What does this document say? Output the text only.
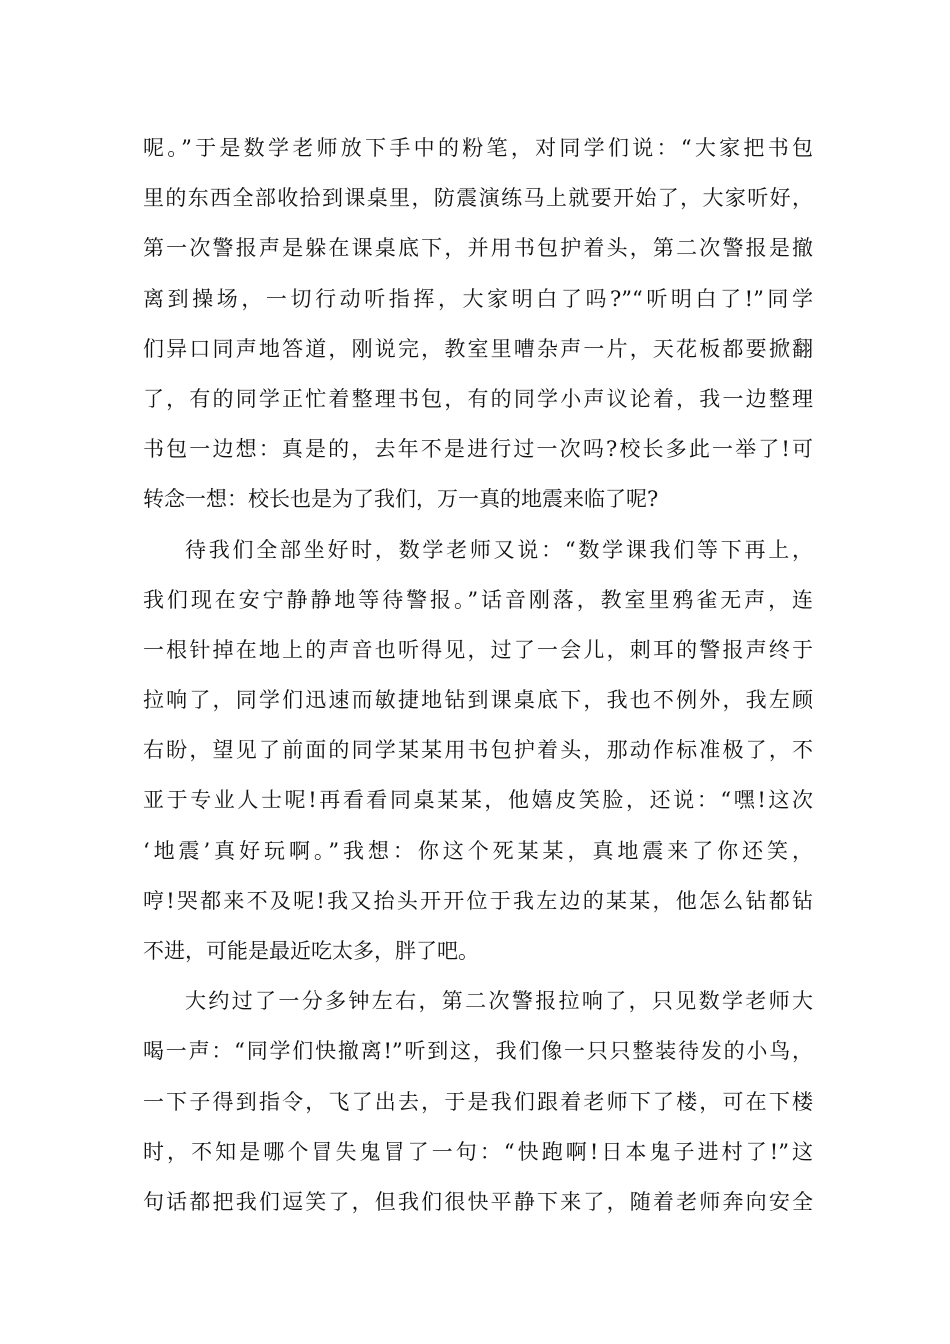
呢。”于是数学老师放下手中的粉笔，对同学们说：“大家把书包
里的东西全部收拾到课桌里，防震演练马上就要开始了，大家听好，
第一次警报声是躲在课桌底下，并用书包护着头，第二次警报是撤
离到操场，一切行动听指挥，大家明白了吗?”“听明白了!”同学
们异口同声地答道，刚说完，教室里嘈杂声一片，天花板都要掀翻
了，有的同学正忙着整理书包，有的同学小声议论着，我一边整理
书包一边想：真是的，去年不是进行过一次吗?校长多此一举了!可
转念一想：校长也是为了我们，万一真的地震来临了呢?
待我们全部坐好时，数学老师又说：“数学课我们等下再上，
我们现在安宁静静地等待警报。”话音刚落，教室里鸦雀无声，连
一根针掉在地上的声音也听得见，过了一会儿，刺耳的警报声终于
拉响了，同学们迅速而敏捷地钻到课桌底下，我也不例外，我左顾
右盼，望见了前面的同学某某用书包护着头，那动作标准极了，不
亚于专业人士呢!再看看同桌某某，他嬉皮笑脸，还说：“嘿!这次
‘地震’真好玩啊。”我想：你这个死某某，真地震来了你还笑，
哼!哭都来不及呢!我又抬头开开位于我左边的某某，他怎么钻都钻
不进，可能是最近吃太多，胖了吧。
大约过了一分多钟左右，第二次警报拉响了，只见数学老师大
喝一声：“同学们快撤离!”听到这，我们像一只只整装待发的小鸟，
一下子得到指令，飞了出去，于是我们跟着老师下了楼，可在下楼
时，不知是哪个冒失鬼冒了一句：“快跑啊!日本鬼子进村了!”这
句话都把我们逗笑了，但我们很快平静下来了，随着老师奔向安全
